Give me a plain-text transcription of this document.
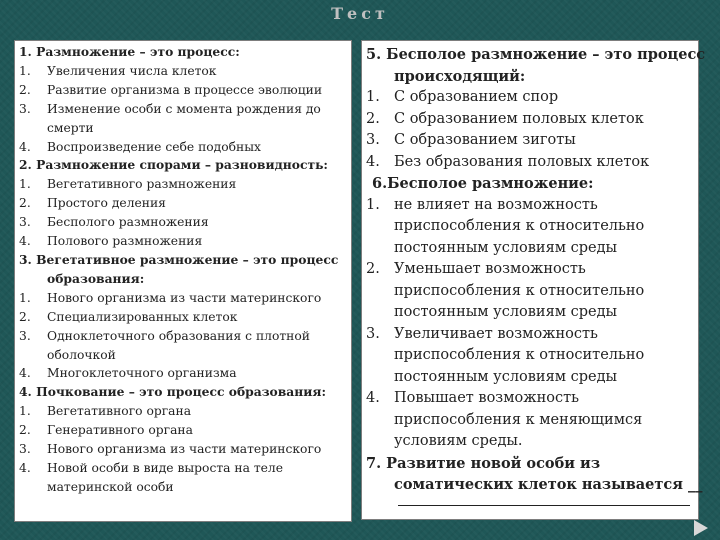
Тест
1. Размножение – это процесс:
1.	Увеличения числа клеток
2.	Развитие организма в процессе эволюции
3.	Изменение особи с момента рождения до
смерти
4.	Воспроизведение себе подобных
2. Размножение спорами – разновидность:
1.	Вегетативного размножения
2.	Простого деления
3.	Бесполого размножения
4.	Полового размножения
3. Вегетативное размножение – это процесс
образования:
1.	Нового организма из части материнского
2.	Специализированных клеток
3.	Одноклеточного образования с плотной
оболочкой
4.	Многоклеточного организма
4. Почкование – это процесс образования:
1.	Вегетативного органа
2.	Генеративного органа
3.	Нового организма из части материнского
4.	Новой особи в виде выроста на теле
материнской особи
5. Бесполое размножение – это процесс
происходящий:
1. С образованием спор
2. С образованием половых клеток
3. С образованием зиготы
4. Без образования половых клеток
6.Бесполое размножение:
1. не влияет на возможность
приспособления к относительно
постоянным условиям среды
2. Уменьшает возможность
приспособления к относительно
постоянным условиям среды
3. Увеличивает возможность
приспособления к относительно
постоянным условиям среды
4. Повышает возможность
приспособления к меняющимся
условиям среды.
7. Развитие новой особи из
соматических клеток называется __
